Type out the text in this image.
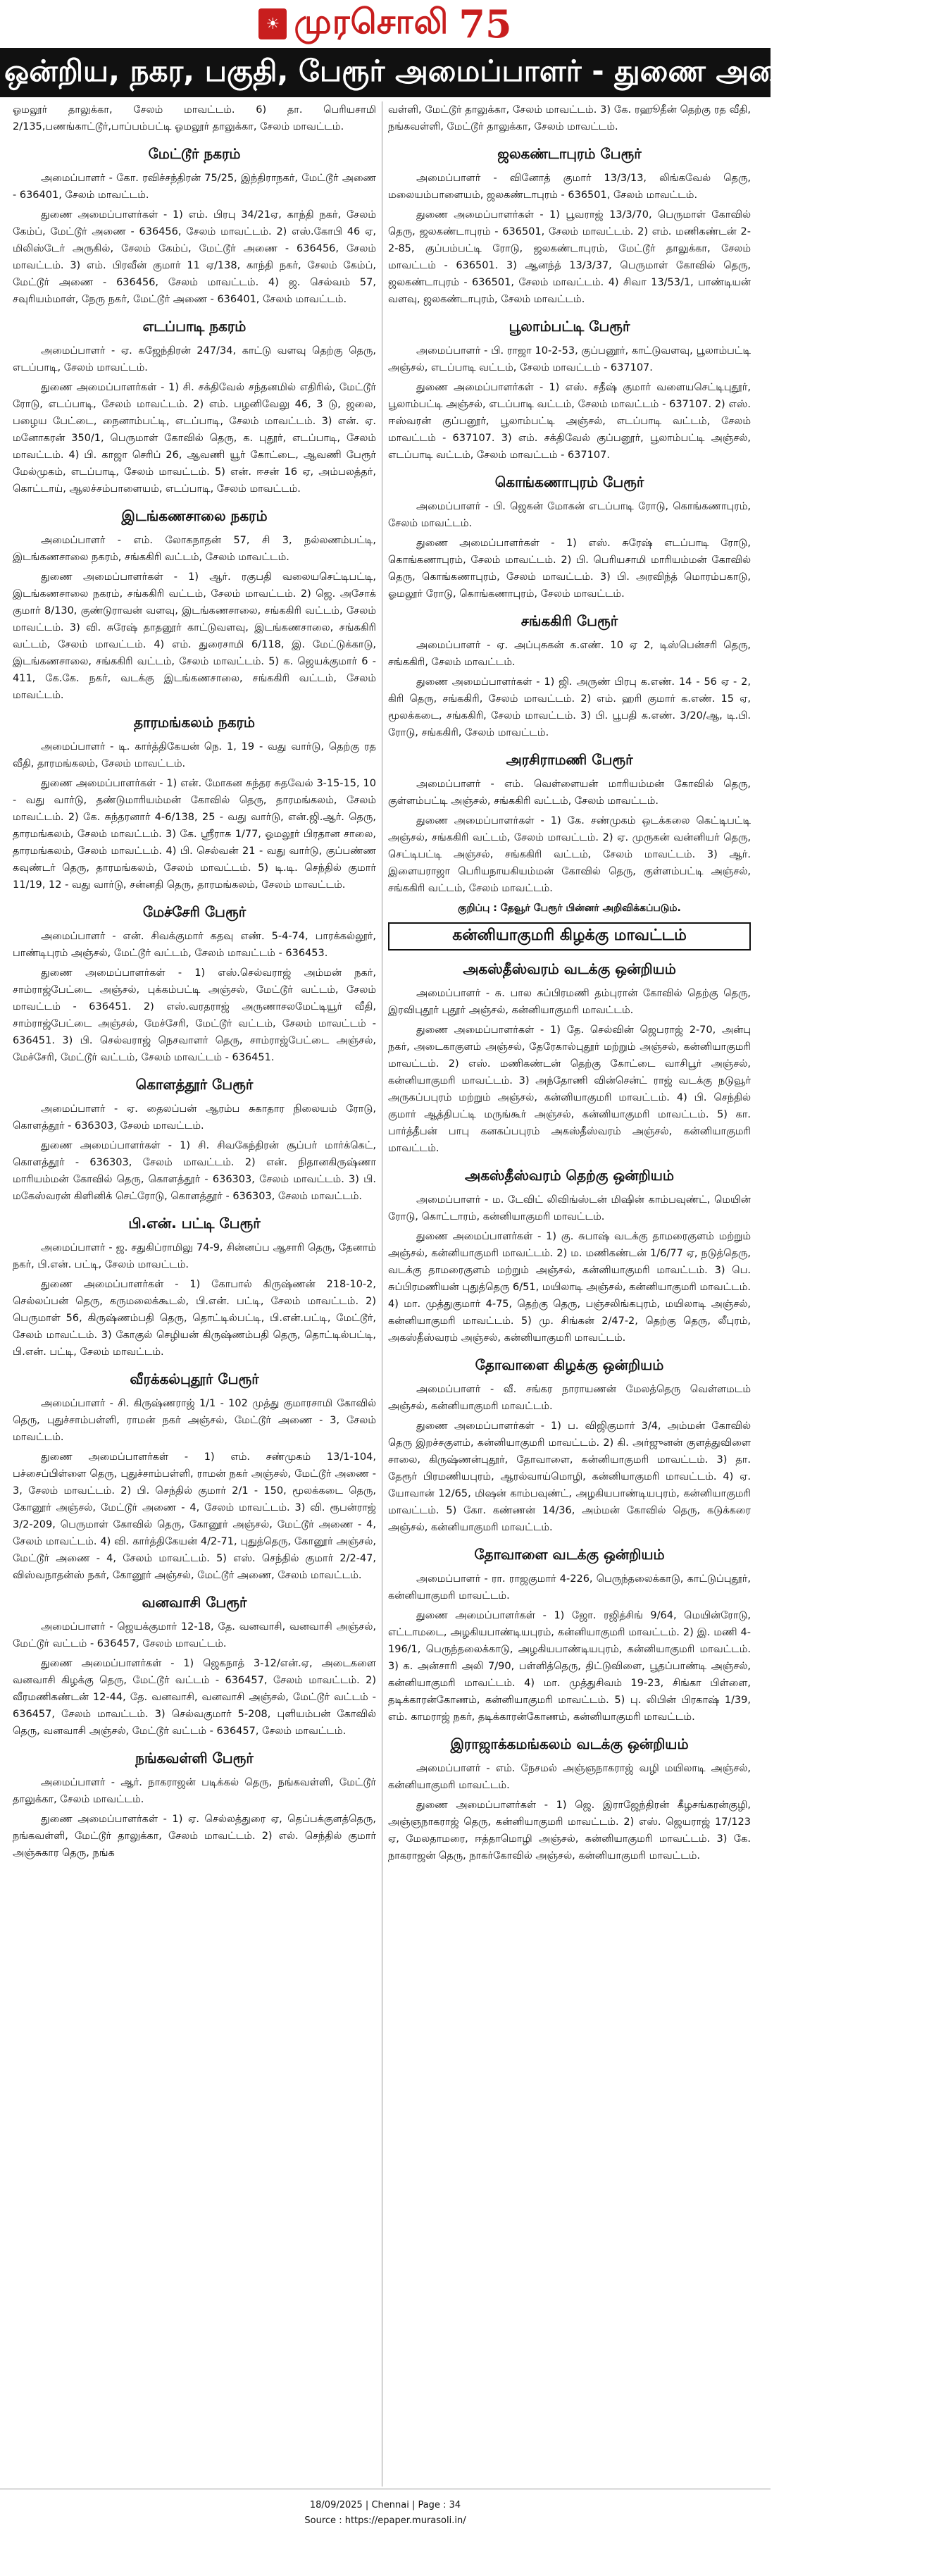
☀ முரசொலி 75
ஒன்றிய, நகர, பகுதி, பேரூர் அமைப்பாளர் - துணை அமைப்பாளர்கள்

ஓமலூர் தாலுக்கா, சேலம் மாவட்டம். 6) தா. பெரியசாமி 2/135,பணங்காட்டூர்,பாப்பம்பட்டி ஓமலூர் தாலுக்கா, சேலம் மாவட்டம்.

மேட்டூர் நகரம்

அமைப்பாளர் - கோ. ரவிச்சந்திரன் 75/25, இந்திராநகர், மேட்டூர் அணை - 636401, சேலம் மாவட்டம்.

துணை அமைப்பாளர்கள் - 1) எம். பிரபு 34/21ஏ, காந்தி நகர், சேலம் கேம்ப், மேட்டூர் அணை - 636456, சேலம் மாவட்டம். 2) எஸ்.கோபி 46 ஏ, மிலிஸ்டேர் அருகில், சேலம் கேம்ப், மேட்டூர் அணை - 636456, சேலம் மாவட்டம். 3) எம். பிரவீன் குமார் 11 ஏ/138, காந்தி நகர், சேலம் கேம்ப், மேட்டூர் அணை - 636456, சேலம் மாவட்டம். 4) ஜ. செல்வம் 57, சவுரியம்மாள், நேரு நகர், மேட்டூர் அணை - 636401, சேலம் மாவட்டம்.

எடப்பாடி நகரம்

அமைப்பாளர் - ஏ. கஜேந்திரன் 247/34, காட்டு வளவு தெற்கு தெரு, எடப்பாடி, சேலம் மாவட்டம்.

துணை அமைப்பாளர்கள் - 1) சி. சக்திவேல் சந்தனமில் எதிரில், மேட்டூர் ரோடு, எடப்பாடி, சேலம் மாவட்டம். 2) எம். பழனிவேலு 46, 3 டு, ஜலை, பழைய பேட்டை, நைனாம்பட்டி, எடப்பாடி, சேலம் மாவட்டம். 3) என். ஏ. மனோகரன் 350/1, பெருமாள் கோவில் தெரு, க. புதூர், எடப்பாடி, சேலம் மாவட்டம். 4) பி. காஜா செரிப் 26, ஆவணி யூர் கோட்டை, ஆவணி பேரூர் மேல்முகம், எடப்பாடி, சேலம் மாவட்டம். 5) என். ஈசன் 16 ஏ, அம்பலத்தர், கொட்டாய், ஆலச்சம்பாளையம், எடப்பாடி, சேலம் மாவட்டம்.

இடங்கணசாலை நகரம்

அமைப்பாளர் - எம். லோகநாதன் 57, சி 3, நல்லணம்பட்டி, இடங்கணசாலை நகரம், சங்ககிரி வட்டம், சேலம் மாவட்டம்.

துணை அமைப்பாளர்கள் - 1) ஆர். ரகுபதி வலையசெட்டிபட்டி, இடங்கணசாலை நகரம், சங்ககிரி வட்டம், சேலம் மாவட்டம். 2) ஜெ. அசோக் குமார் 8/130, குண்டுராவன் வளவு, இடங்கணசாலை, சங்ககிரி வட்டம், சேலம் மாவட்டம். 3) வி. சுரேஷ் தாதனூர் காட்டுவளவு, இடங்கணசாலை, சங்ககிரி வட்டம், சேலம் மாவட்டம். 4) எம். துரைசாமி 6/118, இ. மேட்டுக்காடு, இடங்கணசாலை, சங்ககிரி வட்டம், சேலம் மாவட்டம். 5) க. ஜெயக்குமார் 6 - 411, கே.கே. நகர், வடக்கு இடங்கணசாலை, சங்ககிரி வட்டம், சேலம் மாவட்டம்.

தாரமங்கலம் நகரம்

அமைப்பாளர் - டி. கார்த்திகேயன் நெ. 1, 19 - வது வார்டு, தெற்கு ரத வீதி, தாரமங்கலம், சேலம் மாவட்டம்.

துணை அமைப்பாளர்கள் - 1) என். மோகன சுந்தர சுதவேல் 3-15-15, 10 - வது வார்டு, தண்டுமாரியம்மன் கோவில் தெரு, தாரமங்கலம், சேலம் மாவட்டம். 2) கே. சுந்தரனார் 4-6/138, 25 - வது வார்டு, என்.ஜி.ஆர். தெரு, தாரமங்கலம், சேலம் மாவட்டம். 3) கே. ஸ்ரீராசு 1/77, ஓமலூர் பிரதான சாலை, தாரமங்கலம், சேலம் மாவட்டம். 4) பி. செல்வன் 21 - வது வார்டு, குப்பண்ண கவுண்டர் தெரு, தாரமங்கலம், சேலம் மாவட்டம். 5) டி.டி. செந்தில் குமார் 11/19, 12 - வது வார்டு, சன்னதி தெரு, தாரமங்கலம், சேலம் மாவட்டம்.

மேச்சேரி பேரூர்

அமைப்பாளர் - என். சிவக்குமார் கதவு எண். 5-4-74, பாரக்கல்லூர், பாண்டிபுரம் அஞ்சல், மேட்டூர் வட்டம், சேலம் மாவட்டம் - 636453.

துணை அமைப்பாளர்கள் - 1) எஸ்.செல்வராஜ் அம்மன் நகர், சாம்ராஜ்பேட்டை அஞ்சல், புக்கம்பட்டி அஞ்சல், மேட்டூர் வட்டம், சேலம் மாவட்டம் - 636451. 2) எஸ்.வரதராஜ் அருணாசலமேட்டியூர் வீதி, சாம்ராஜ்பேட்டை அஞ்சல், மேச்சேரி, மேட்டூர் வட்டம், சேலம் மாவட்டம் - 636451. 3) பி. செல்வராஜ் நெசவாளர் தெரு, சாம்ராஜ்பேட்டை அஞ்சல், மேச்சேரி, மேட்டூர் வட்டம், சேலம் மாவட்டம் - 636451.

கொளத்தூர் பேரூர்

அமைப்பாளர் - ஏ. தைலப்பன் ஆரம்ப சுகாதார நிலையம் ரோடு, கொளத்தூர் - 636303, சேலம் மாவட்டம்.

துணை அமைப்பாளர்கள் - 1) சி. சிவகேந்திரன் சூப்பர் மார்க்கெட், கொளத்தூர் - 636303, சேலம் மாவட்டம். 2) என். நிதானகிருஷ்ணா மாரியம்மன் கோவில் தெரு, கொளத்தூர் - 636303, சேலம் மாவட்டம். 3) பி. மகேஸ்வரன் கிளினிக் செட்ரோடு, கொளத்தூர் - 636303, சேலம் மாவட்டம்.

பி.என். பட்டி பேரூர்

அமைப்பாளர் - ஜ. சதுகிப்ராமிலு 74-9, சின்னப்ப ஆசாரி தெரு, தேனாம் நகர், பி.என். பட்டி, சேலம் மாவட்டம்.

துணை அமைப்பாளர்கள் - 1) கோபால் கிருஷ்ணன் 218-10-2, செல்லப்பன் தெரு, கருமலைக்கூடல், பி.என். பட்டி, சேலம் மாவட்டம். 2) பெருமாள் 56, கிருஷ்ணம்பதி தெரு, தொட்டில்பட்டி, பி.என்.பட்டி, மேட்டூர், சேலம் மாவட்டம். 3) கோகுல் செழியன் கிருஷ்ணம்பதி தெரு, தொட்டில்பட்டி, பி.என். பட்டி, சேலம் மாவட்டம்.

வீரக்கல்புதூர் பேரூர்

அமைப்பாளர் - சி. கிருஷ்ணராஜ் 1/1 - 102 முத்து குமாரசாமி கோவில் தெரு, புதுச்சாம்பள்ளி, ராமன் நகர் அஞ்சல், மேட்டூர் அணை - 3, சேலம் மாவட்டம்.

துணை அமைப்பாளர்கள் - 1) எம். சண்முகம் 13/1-104, பச்சைப்பிள்ளை தெரு, புதுச்சாம்பள்ளி, ராமன் நகர் அஞ்சல், மேட்டூர் அணை - 3, சேலம் மாவட்டம். 2) பி. செந்தில் குமார் 2/1 - 150, மூலக்கடை தெரு, கோனூர் அஞ்சல், மேட்டூர் அணை - 4, சேலம் மாவட்டம். 3) வி. ரூபன்ராஜ் 3/2-209, பெருமாள் கோவில் தெரு, கோனூர் அஞ்சல், மேட்டூர் அணை - 4, சேலம் மாவட்டம். 4) வி. கார்த்திகேயன் 4/2-71, புதுத்தெரு, கோனூர் அஞ்சல், மேட்டூர் அணை - 4, சேலம் மாவட்டம். 5) எஸ். செந்தில் குமார் 2/2-47, விஸ்வநாதன்ஸ் நகர், கோனூர் அஞ்சல், மேட்டூர் அணை, சேலம் மாவட்டம்.

வனவாசி பேரூர்

அமைப்பாளர் - ஜெயக்குமார் 12-18, தே. வனவாசி, வனவாசி அஞ்சல், மேட்டூர் வட்டம் - 636457, சேலம் மாவட்டம்.

துணை அமைப்பாளர்கள் - 1) ஜெகநாத் 3-12/என்.ஏ, அடைகளை வனவாசி கிழக்கு தெரு, மேட்டூர் வட்டம் - 636457, சேலம் மாவட்டம். 2) வீரமணிகண்டன் 12-44, தே. வனவாசி, வனவாசி அஞ்சல், மேட்டூர் வட்டம் - 636457, சேலம் மாவட்டம். 3) செல்வகுமார் 5-208, புளியம்பன் கோவில் தெரு, வனவாசி அஞ்சல், மேட்டூர் வட்டம் - 636457, சேலம் மாவட்டம்.

நங்கவள்ளி பேரூர்

அமைப்பாளர் - ஆர். நாகராஜன் படிக்கல் தெரு, நங்கவள்ளி, மேட்டூர் தாலுக்கா, சேலம் மாவட்டம்.

துணை அமைப்பாளர்கள் - 1) ஏ. செல்லத்துரை ஏ, தெப்பக்குளத்தெரு, நங்கவள்ளி, மேட்டூர் தாலுக்கா, சேலம் மாவட்டம். 2) எல். செந்தில் குமார் அஞ்சுகார தெரு, நங்க

வள்ளி, மேட்டூர் தாலுக்கா, சேலம் மாவட்டம். 3) கே. ரஹூதீன் தெற்கு ரத வீதி, நங்கவள்ளி, மேட்டூர் தாலுக்கா, சேலம் மாவட்டம்.

ஜலகண்டாபுரம் பேரூர்

அமைப்பாளர் - வினோத் குமார் 13/3/13, லிங்கவேல் தெரு, மலையம்பாளையம், ஜலகண்டாபுரம் - 636501, சேலம் மாவட்டம்.

துணை அமைப்பாளர்கள் - 1) பூவராஜ் 13/3/70, பெருமாள் கோவில் தெரு, ஜலகண்டாபுரம் - 636501, சேலம் மாவட்டம். 2) எம். மணிகண்டன் 2-2-85, குப்பம்பட்டி ரோடு, ஜலகண்டாபுரம், மேட்டூர் தாலுக்கா, சேலம் மாவட்டம் - 636501. 3) ஆனந்த் 13/3/37, பெருமாள் கோவில் தெரு, ஜலகண்டாபுரம் - 636501, சேலம் மாவட்டம். 4) சிவா 13/53/1, பாண்டியன் வளவு, ஜலகண்டாபுரம், சேலம் மாவட்டம்.

பூலாம்பட்டி பேரூர்

அமைப்பாளர் - பி. ராஜா 10-2-53, குப்பனூர், காட்டுவளவு, பூலாம்பட்டி அஞ்சல், எடப்பாடி வட்டம், சேலம் மாவட்டம் - 637107.

துணை அமைப்பாளர்கள் - 1) எஸ். சதீஷ் குமார் வளையசெட்டிபுதூர், பூலாம்பட்டி அஞ்சல், எடப்பாடி வட்டம், சேலம் மாவட்டம் - 637107. 2) எஸ். ஈஸ்வரன் குப்பனூர், பூலாம்பட்டி அஞ்சல், எடப்பாடி வட்டம், சேலம் மாவட்டம் - 637107. 3) எம். சக்திவேல் குப்பனூர், பூலாம்பட்டி அஞ்சல், எடப்பாடி வட்டம், சேலம் மாவட்டம் - 637107.

கொங்கணாபுரம் பேரூர்

அமைப்பாளர் - பி. ஜெகன் மோகன் எடப்பாடி ரோடு, கொங்கணாபுரம், சேலம் மாவட்டம்.

துணை அமைப்பாளர்கள் - 1) எஸ். சுரேஷ் எடப்பாடி ரோடு, கொங்கணாபுரம், சேலம் மாவட்டம். 2) பி. பெரியசாமி மாரியம்மன் கோவில் தெரு, கொங்கணாபுரம், சேலம் மாவட்டம். 3) பி. அரவிந்த் மொரம்பகாடு, ஓமலூர் ரோடு, கொங்கணாபுரம், சேலம் மாவட்டம்.

சங்ககிரி பேரூர்

அமைப்பாளர் - ஏ. அப்புசுகன் க.எண். 10 ஏ 2, டிஸ்பென்சரி தெரு, சங்ககிரி, சேலம் மாவட்டம்.

துணை அமைப்பாளர்கள் - 1) ஜி. அருண் பிரபு க.எண். 14 - 56 ஏ - 2, கிரி தெரு, சங்ககிரி, சேலம் மாவட்டம். 2) எம். ஹரி குமார் க.எண். 15 ஏ, மூலக்கடை, சங்ககிரி, சேலம் மாவட்டம். 3) பி. பூபதி க.எண். 3/20/ஆ, டி.பி. ரோடு, சங்ககிரி, சேலம் மாவட்டம்.

அரசிராமணி பேரூர்

அமைப்பாளர் - எம். வெள்ளையன் மாரியம்மன் கோவில் தெரு, குள்ளம்பட்டி அஞ்சல், சங்ககிரி வட்டம், சேலம் மாவட்டம்.

துணை அமைப்பாளர்கள் - 1) கே. சண்முகம் ஒடக்கலை கெட்டிபட்டி அஞ்சல், சங்ககிரி வட்டம், சேலம் மாவட்டம். 2) ஏ. முருகன் வன்னியர் தெரு, செட்டிபட்டி அஞ்சல், சங்ககிரி வட்டம், சேலம் மாவட்டம். 3) ஆர். இளையராஜா பெரியநாயகியம்மன் கோவில் தெரு, குள்ளம்பட்டி அஞ்சல், சங்ககிரி வட்டம், சேலம் மாவட்டம்.

குறிப்பு : தேவூர் பேரூர் பின்னர் அறிவிக்கப்படும்.
கன்னியாகுமரி கிழக்கு மாவட்டம்
அகஸ்தீஸ்வரம் வடக்கு ஒன்றியம்

அமைப்பாளர் - சு. பால சுப்பிரமணி தம்புரான் கோவில் தெற்கு தெரு, இரவிபுதூர் புதூர் அஞ்சல், கன்னியாகுமரி மாவட்டம்.

துணை அமைப்பாளர்கள் - 1) தே. செல்வின் ஜெபராஜ் 2-70, அன்பு நகர், அடைகாகுளம் அஞ்சல், தேரேகால்புதூர் மற்றும் அஞ்சல், கன்னியாகுமரி மாவட்டம். 2) எஸ். மணிகண்டன் தெற்கு கோட்டை வாசிபூர் அஞ்சல், கன்னியாகுமரி மாவட்டம். 3) அந்தோணி வின்சென்ட் ராஜ் வடக்கு நடுவூர் அருகப்பபுரம் மற்றும் அஞ்சல், கன்னியாகுமரி மாவட்டம். 4) பி. செந்தில் குமார் ஆத்திபட்டி மருங்கூர் அஞ்சல், கன்னியாகுமரி மாவட்டம். 5) கா. பார்த்தீபன் பாபு கனகப்பபுரம் அகஸ்தீஸ்வரம் அஞ்சல், கன்னியாகுமரி மாவட்டம்.

அகஸ்தீஸ்வரம் தெற்கு ஒன்றியம்

அமைப்பாளர் - ம. டேவிட் லிவிங்ஸ்டன் மிஷின் காம்பவுண்ட், மெயின் ரோடு, கொட்டாரம், கன்னியாகுமரி மாவட்டம்.

துணை அமைப்பாளர்கள் - 1) கு. சுபாஷ் வடக்கு தாமரைகுளம் மற்றும் அஞ்சல், கன்னியாகுமரி மாவட்டம். 2) ம. மணிகண்டன் 1/6/77 ஏ, நடுத்தெரு, வடக்கு தாமரைகுளம் மற்றும் அஞ்சல், கன்னியாகுமரி மாவட்டம். 3) பெ. சுப்பிரமணியன் புதுத்தெரு 6/51, மயிலாடி அஞ்சல், கன்னியாகுமரி மாவட்டம். 4) மா. முத்துகுமார் 4-75, தெற்கு தெரு, பஞ்சலிங்கபுரம், மயிலாடி அஞ்சல், கன்னியாகுமரி மாவட்டம். 5) மு. சிங்கன் 2/47-2, தெற்கு தெரு, லீபுரம், அகஸ்தீஸ்வரம் அஞ்சல், கன்னியாகுமரி மாவட்டம்.

தோவாளை கிழக்கு ஒன்றியம்

அமைப்பாளர் - வீ. சங்கர நாராயணன் மேலத்தெரு வெள்ளமடம் அஞ்சல், கன்னியாகுமரி மாவட்டம்.

துணை அமைப்பாளர்கள் - 1) ப. விஜிகுமார் 3/4, அம்மன் கோவில் தெரு இறச்சகுளம், கன்னியாகுமரி மாவட்டம். 2) கி. அர்ஜுனன் குளத்துவிளை சாலை, கிருஷ்ணன்புதூர், தோவாளை, கன்னியாகுமரி மாவட்டம். 3) தா. தேரூர் பிரமணியபுரம், ஆரல்வாய்மொழி, கன்னியாகுமரி மாவட்டம். 4) ஏ. யோவான் 12/65, மிஷன் காம்பவுண்ட், அழகியபாண்டியபுரம், கன்னியாகுமரி மாவட்டம். 5) கோ. கண்ணன் 14/36, அம்மன் கோவில் தெரு, கடுக்கரை அஞ்சல், கன்னியாகுமரி மாவட்டம்.

தோவாளை வடக்கு ஒன்றியம்

அமைப்பாளர் - ரா. ராஜகுமார் 4-226, பெருந்தலைக்காடு, காட்டுப்புதூர், கன்னியாகுமரி மாவட்டம்.

துணை அமைப்பாளர்கள் - 1) ஜோ. ரஜித்சிங் 9/64, மெயின்ரோடு, எட்டாமடை, அழகியபாண்டியபுரம், கன்னியாகுமரி மாவட்டம். 2) இ. மணி 4-196/1, பெருந்தலைக்காடு, அழகியபாண்டியபுரம், கன்னியாகுமரி மாவட்டம். 3) க. அன்சாரி அலி 7/90, பள்ளித்தெரு, திட்டுவிளை, பூதப்பாண்டி அஞ்சல், கன்னியாகுமரி மாவட்டம். 4) மா. முத்துசிவம் 19-23, சிங்கா பிள்ளை, தடிக்காரன்கோணம், கன்னியாகுமரி மாவட்டம். 5) பு. லிபின் பிரகாஷ் 1/39, எம். காமராஜ் நகர், தடிக்காரன்கோணம், கன்னியாகுமரி மாவட்டம்.

இராஜாக்கமங்கலம் வடக்கு ஒன்றியம்

அமைப்பாளர் - எம். நேசமல் அஞ்ஞநாகராஜ் வழி மயிலாடி அஞ்சல், கன்னியாகுமரி மாவட்டம்.

துணை அமைப்பாளர்கள் - 1) ஜெ. இராஜேந்திரன் கீழசங்கரன்குழி, அஞ்ஞநாகராஜ் தெரு, கன்னியாகுமரி மாவட்டம். 2) எஸ். ஜெயராஜ் 17/123 ஏ, மேலதாமரை, ஈத்தாமொழி அஞ்சல், கன்னியாகுமரி மாவட்டம். 3) கே. நாகராஜன் தெரு, நாகர்கோவில் அஞ்சல், கன்னியாகுமரி மாவட்டம்.

18/09/2025 | Chennai | Page : 34
Source : https://epaper.murasoli.in/
